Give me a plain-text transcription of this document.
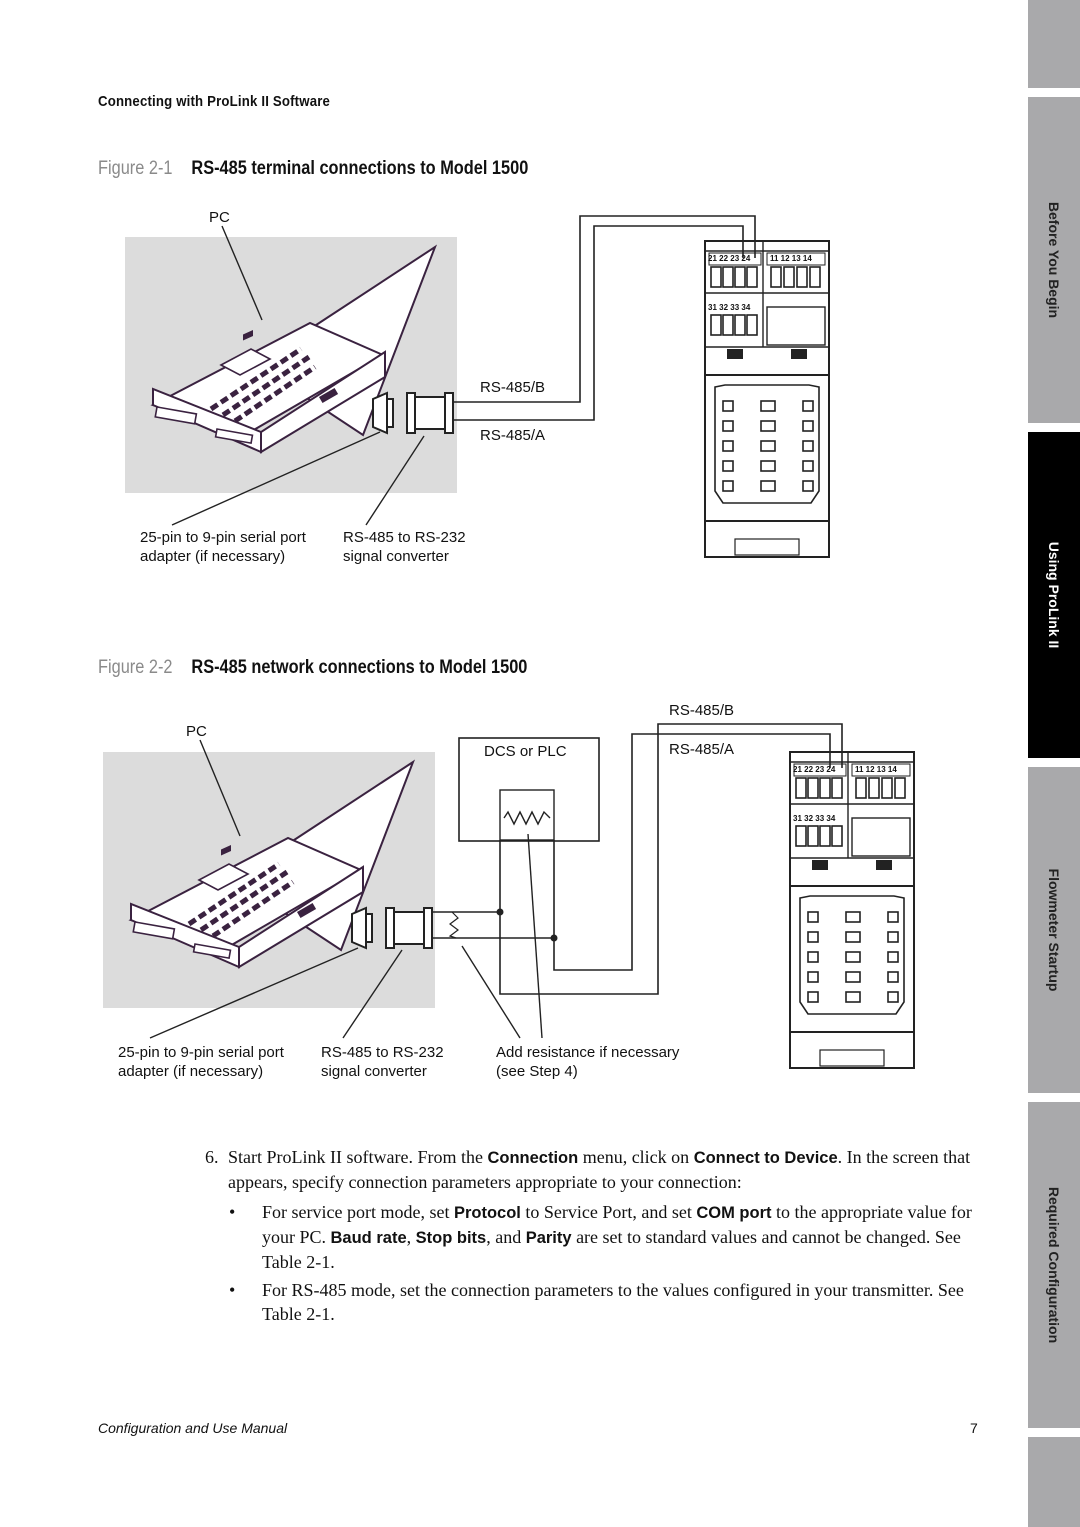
Connecting with ProLink II Software
Figure 2-1 RS-485 terminal connections to Model 1500
Figure 2-2 RS-485 network connections to Model 1500
PC
RS-485/B
RS-485/A
25-pin to 9-pin serial port
adapter (if necessary)
RS-485 to RS-232
signal converter
21 22 23 24 11 12 13 14
31 32 33 34
PC
DCS or PLC
RS-485/B
RS-485/A
25-pin to 9-pin serial port
adapter (if necessary)
RS-485 to RS-232
signal converter
Add resistance if necessary
(see Step 4)
21 22 23 24 11 12 13 14
31 32 33 34
6. Start ProLink II software. From the Connection menu, click on Connect to Device. In the screen that appears, specify connection parameters appropriate to your connection:
• For service port mode, set Protocol to Service Port, and set COM port to the appropriate value for your PC. Baud rate, Stop bits, and Parity are set to standard values and cannot be changed. See Table 2-1.
• For RS-485 mode, set the connection parameters to the values configured in your transmitter. See Table 2-1.
Configuration and Use Manual	7
Before You Begin
Using ProLink II
Flowmeter Startup
Required Configuration
